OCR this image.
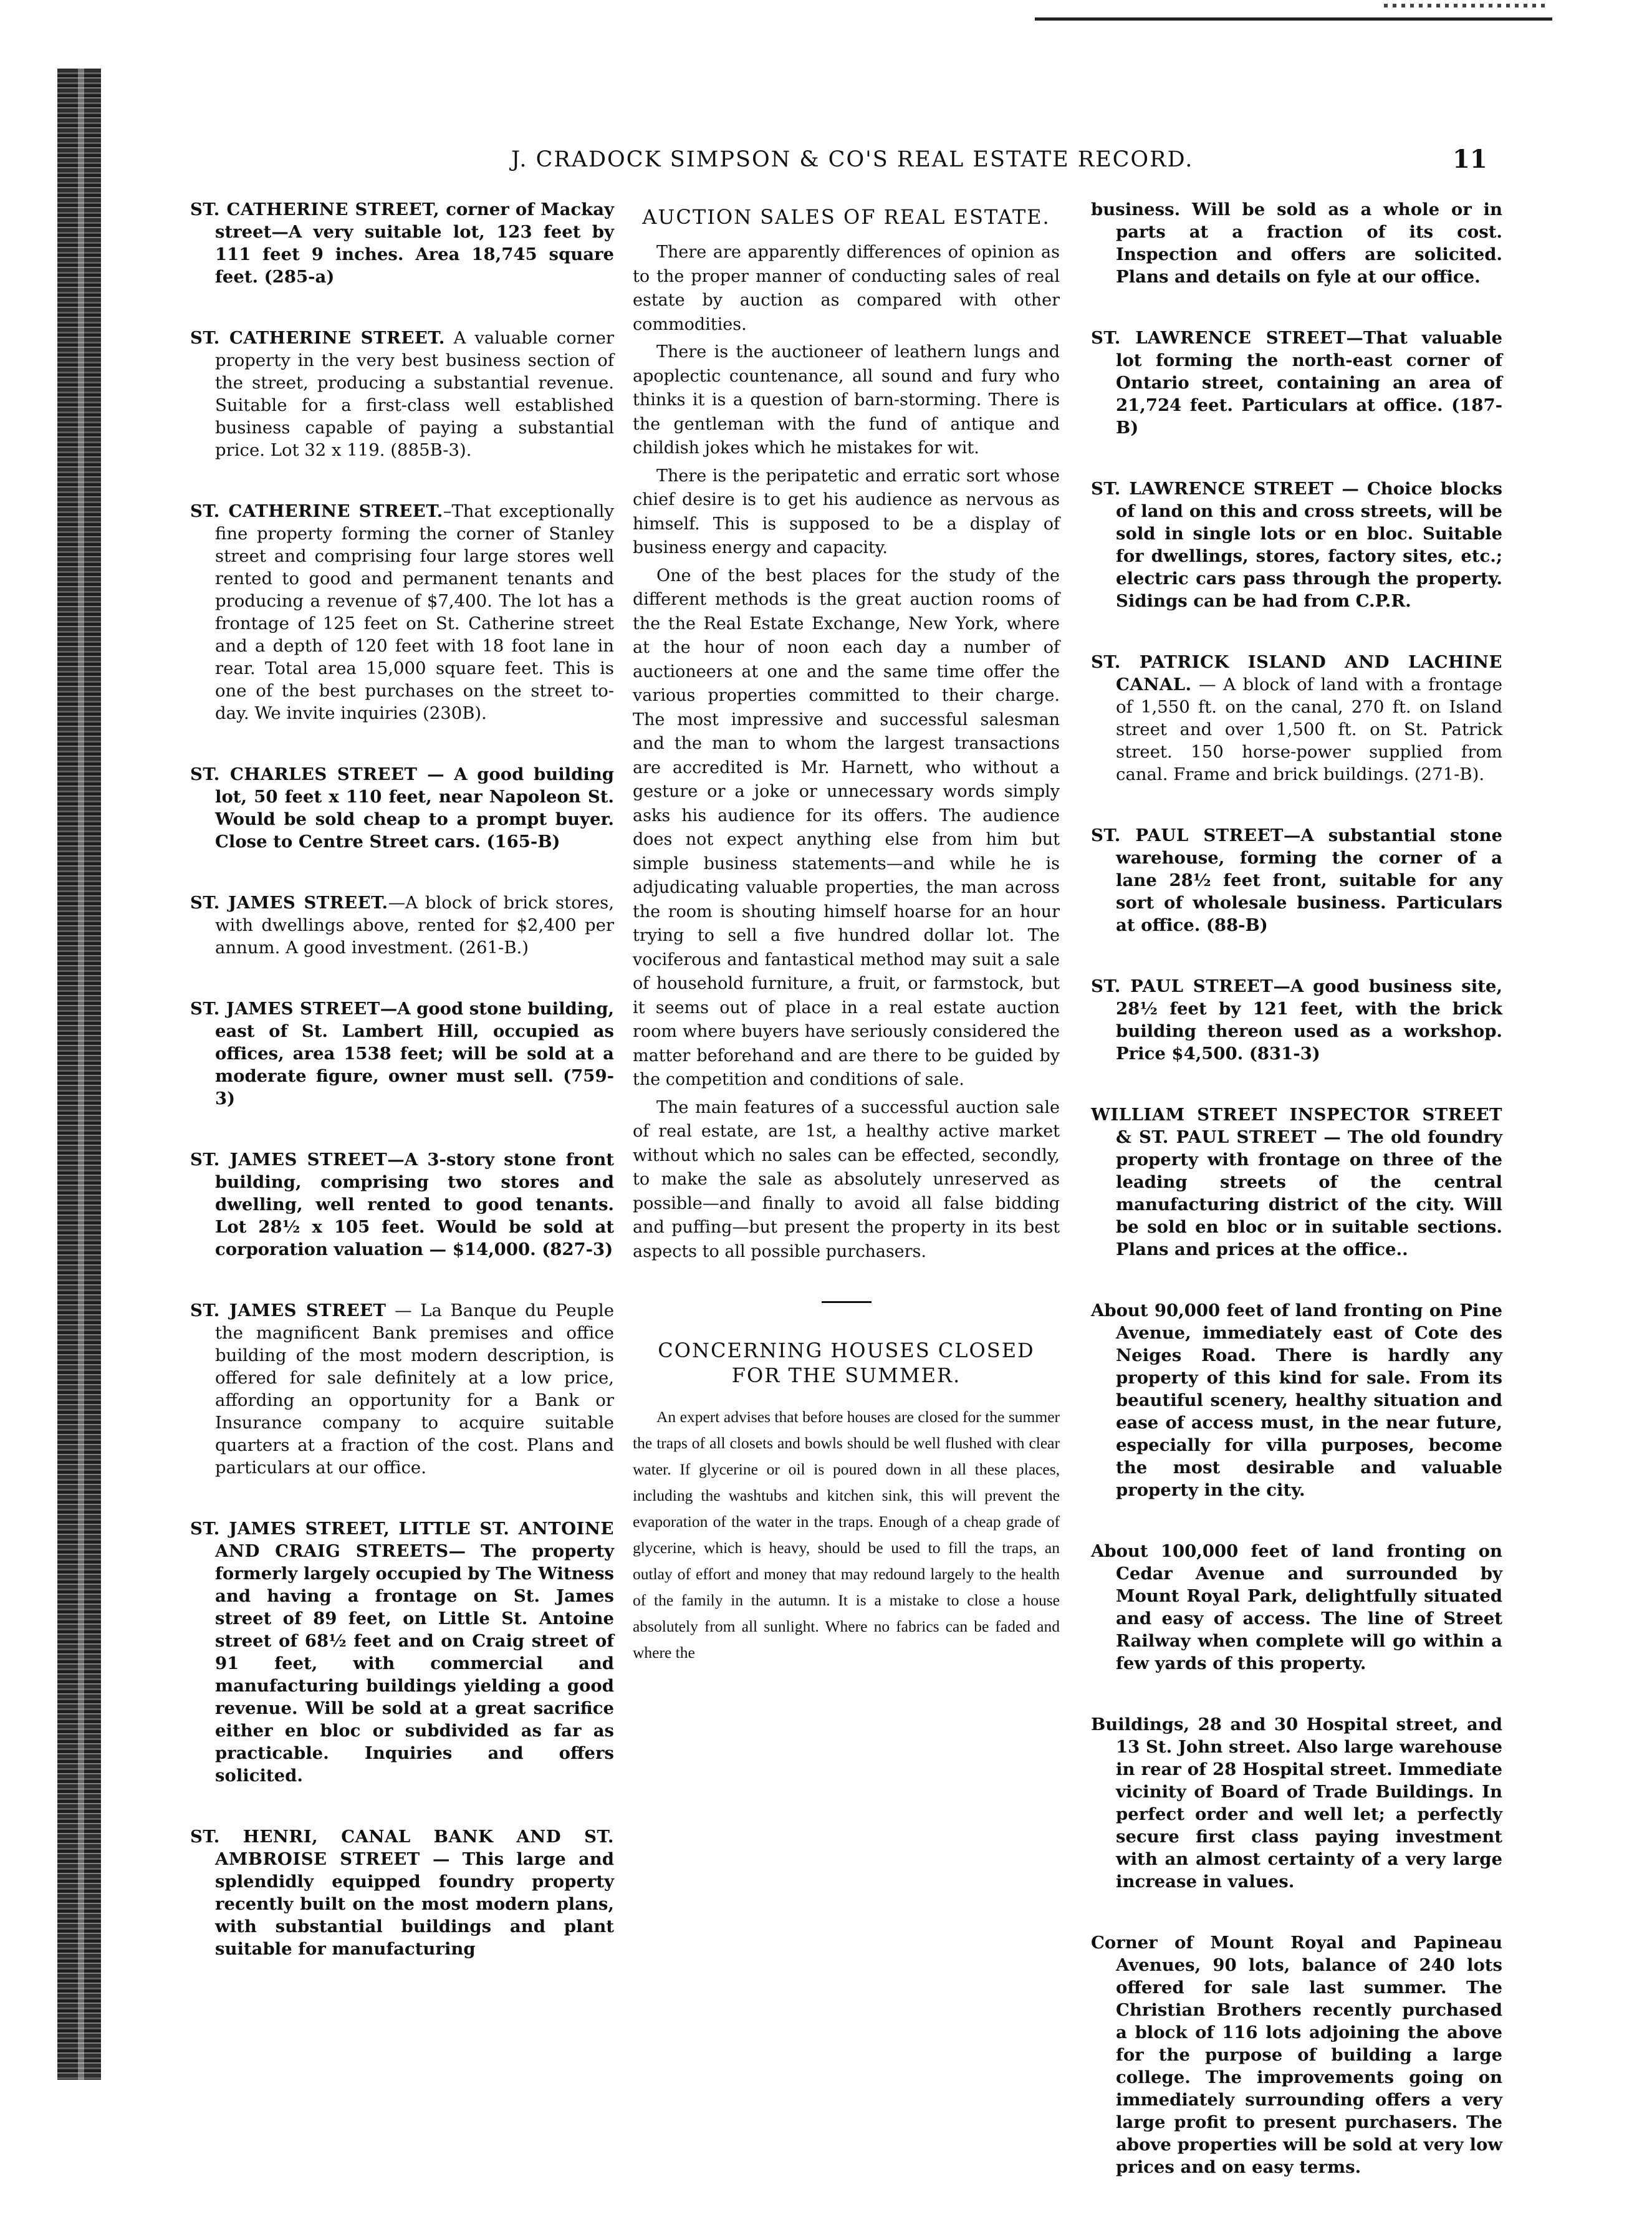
J. CRADOCK SIMPSON & CO'S REAL ESTATE RECORD.	11

ST. CATHERINE STREET, corner of Mackay street—A very suitable lot, 123 feet by 111 feet 9 inches. Area 18,745 square feet. (285-a)

ST. CATHERINE STREET. A valuable corner property in the very best business section of the street, producing a substantial revenue. Suitable for a first-class well established business capable of paying a substantial price. Lot 32 x 119. (885B-3).

ST. CATHERINE STREET.–That exceptionally fine property forming the corner of Stanley street and comprising four large stores well rented to good and permanent tenants and producing a revenue of $7,400. The lot has a frontage of 125 feet on St. Catherine street and a depth of 120 feet with 18 foot lane in rear. Total area 15,000 square feet. This is one of the best purchases on the street to-day. We invite inquiries (230B).

ST. CHARLES STREET — A good building lot, 50 feet x 110 feet, near Napoleon St. Would be sold cheap to a prompt buyer. Close to Centre Street cars. (165-B)

ST. JAMES STREET.—A block of brick stores, with dwellings above, rented for $2,400 per annum. A good investment. (261-B.)

ST. JAMES STREET—A good stone building, east of St. Lambert Hill, occupied as offices, area 1538 feet; will be sold at a moderate figure, owner must sell. (759-3)

ST. JAMES STREET—A 3-story stone front building, comprising two stores and dwelling, well rented to good tenants. Lot 28½ x 105 feet. Would be sold at corporation valuation — $14,000. (827-3)

ST. JAMES STREET — La Banque du Peuple the magnificent Bank premises and office building of the most modern description, is offered for sale definitely at a low price, affording an opportunity for a Bank or Insurance company to acquire suitable quarters at a fraction of the cost. Plans and particulars at our office.

ST. JAMES STREET, LITTLE ST. ANTOINE AND CRAIG STREETS— The property formerly largely occupied by The Witness and having a frontage on St. James street of 89 feet, on Little St. Antoine street of 68½ feet and on Craig street of 91 feet, with commercial and manufacturing buildings yielding a good revenue. Will be sold at a great sacrifice either en bloc or subdivided as far as practicable. Inquiries and offers solicited.

ST. HENRI, CANAL BANK AND ST. AMBROISE STREET — This large and splendidly equipped foundry property recently built on the most modern plans, with substantial buildings and plant suitable for manufacturing

AUCTION SALES OF REAL ESTATE.

There are apparently differences of opinion as to the proper manner of conducting sales of real estate by auction as compared with other commodities.

There is the auctioneer of leathern lungs and apoplectic countenance, all sound and fury who thinks it is a question of barn-storming. There is the gentleman with the fund of antique and childish jokes which he mistakes for wit.

There is the peripatetic and erratic sort whose chief desire is to get his audience as nervous as himself. This is supposed to be a display of business energy and capacity.

One of the best places for the study of the different methods is the great auction rooms of the the Real Estate Exchange, New York, where at the hour of noon each day a number of auctioneers at one and the same time offer the various properties committed to their charge. The most impressive and successful salesman and the man to whom the largest transactions are accredited is Mr. Harnett, who without a gesture or a joke or unnecessary words simply asks his audience for its offers. The audience does not expect anything else from him but simple business statements—and while he is adjudicating valuable properties, the man across the room is shouting himself hoarse for an hour trying to sell a five hundred dollar lot. The vociferous and fantastical method may suit a sale of household furniture, a fruit, or farmstock, but it seems out of place in a real estate auction room where buyers have seriously considered the matter beforehand and are there to be guided by the competition and conditions of sale.

The main features of a successful auction sale of real estate, are 1st, a healthy active market without which no sales can be effected, secondly, to make the sale as absolutely unreserved as possible—and finally to avoid all false bidding and puffing—but present the property in its best aspects to all possible purchasers.

CONCERNING HOUSES CLOSED FOR THE SUMMER.

An expert advises that before houses are closed for the summer the traps of all closets and bowls should be well flushed with clear water. If glycerine or oil is poured down in all these places, including the washtubs and kitchen sink, this will prevent the evaporation of the water in the traps. Enough of a cheap grade of glycerine, which is heavy, should be used to fill the traps, an outlay of effort and money that may redound largely to the health of the family in the autumn. It is a mistake to close a house absolutely from all sunlight. Where no fabrics can be faded and where the

business. Will be sold as a whole or in parts at a fraction of its cost. Inspection and offers are solicited. Plans and details on fyle at our office.

ST. LAWRENCE STREET—That valuable lot forming the north-east corner of Ontario street, containing an area of 21,724 feet. Particulars at office. (187-B)

ST. LAWRENCE STREET — Choice blocks of land on this and cross streets, will be sold in single lots or en bloc. Suitable for dwellings, stores, factory sites, etc.; electric cars pass through the property. Sidings can be had from C.P.R.

ST. PATRICK ISLAND AND LACHINE CANAL. — A block of land with a frontage of 1,550 ft. on the canal, 270 ft. on Island street and over 1,500 ft. on St. Patrick street. 150 horse-power supplied from canal. Frame and brick buildings. (271-B).

ST. PAUL STREET—A substantial stone warehouse, forming the corner of a lane 28½ feet front, suitable for any sort of wholesale business. Particulars at office. (88-B)

ST. PAUL STREET—A good business site, 28½ feet by 121 feet, with the brick building thereon used as a workshop. Price $4,500. (831-3)

WILLIAM STREET INSPECTOR STREET & ST. PAUL STREET — The old foundry property with frontage on three of the leading streets of the central manufacturing district of the city. Will be sold en bloc or in suitable sections. Plans and prices at the office..

About 90,000 feet of land fronting on Pine Avenue, immediately east of Cote des Neiges Road. There is hardly any property of this kind for sale. From its beautiful scenery, healthy situation and ease of access must, in the near future, especially for villa purposes, become the most desirable and valuable property in the city.

About 100,000 feet of land fronting on Cedar Avenue and surrounded by Mount Royal Park, delightfully situated and easy of access. The line of Street Railway when complete will go within a few yards of this property.

Buildings, 28 and 30 Hospital street, and 13 St. John street. Also large warehouse in rear of 28 Hospital street. Immediate vicinity of Board of Trade Buildings. In perfect order and well let; a perfectly secure first class paying investment with an almost certainty of a very large increase in values.

Corner of Mount Royal and Papineau Avenues, 90 lots, balance of 240 lots offered for sale last summer. The Christian Brothers recently purchased a block of 116 lots adjoining the above for the purpose of building a large college. The improvements going on immediately surrounding offers a very large profit to present purchasers. The above properties will be sold at very low prices and on easy terms.
